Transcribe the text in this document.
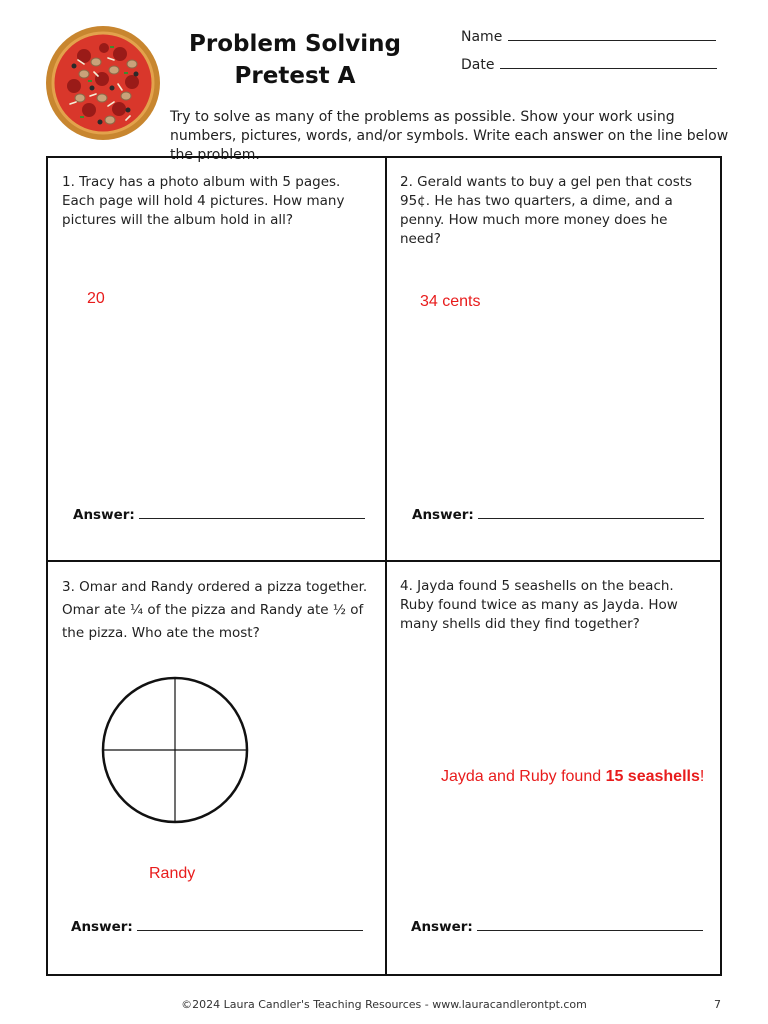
Problem Solving
Pretest A
Name
Date
Try to solve as many of the problems as possible. Show your work using numbers, pictures, words, and/or symbols. Write each answer on the line below the problem.
1. Tracy has a photo album with 5 pages. Each page will hold 4 pictures. How many pictures will the album hold in all?
20
Answer:
2. Gerald wants to buy a gel pen that costs 95¢. He has two quarters, a dime, and a penny. How much more money does he need?
34 cents
Answer:
3. Omar and Randy ordered a pizza together. Omar ate ¼ of the pizza and Randy ate ½ of the pizza. Who ate the most?
Randy
Answer:
4. Jayda found 5 seashells on the beach. Ruby found twice as many as Jayda. How many shells did they find together?
Jayda and Ruby found 15 seashells!
Answer:
©2024 Laura Candler's Teaching Resources - www.lauracandlerontpt.com	7
